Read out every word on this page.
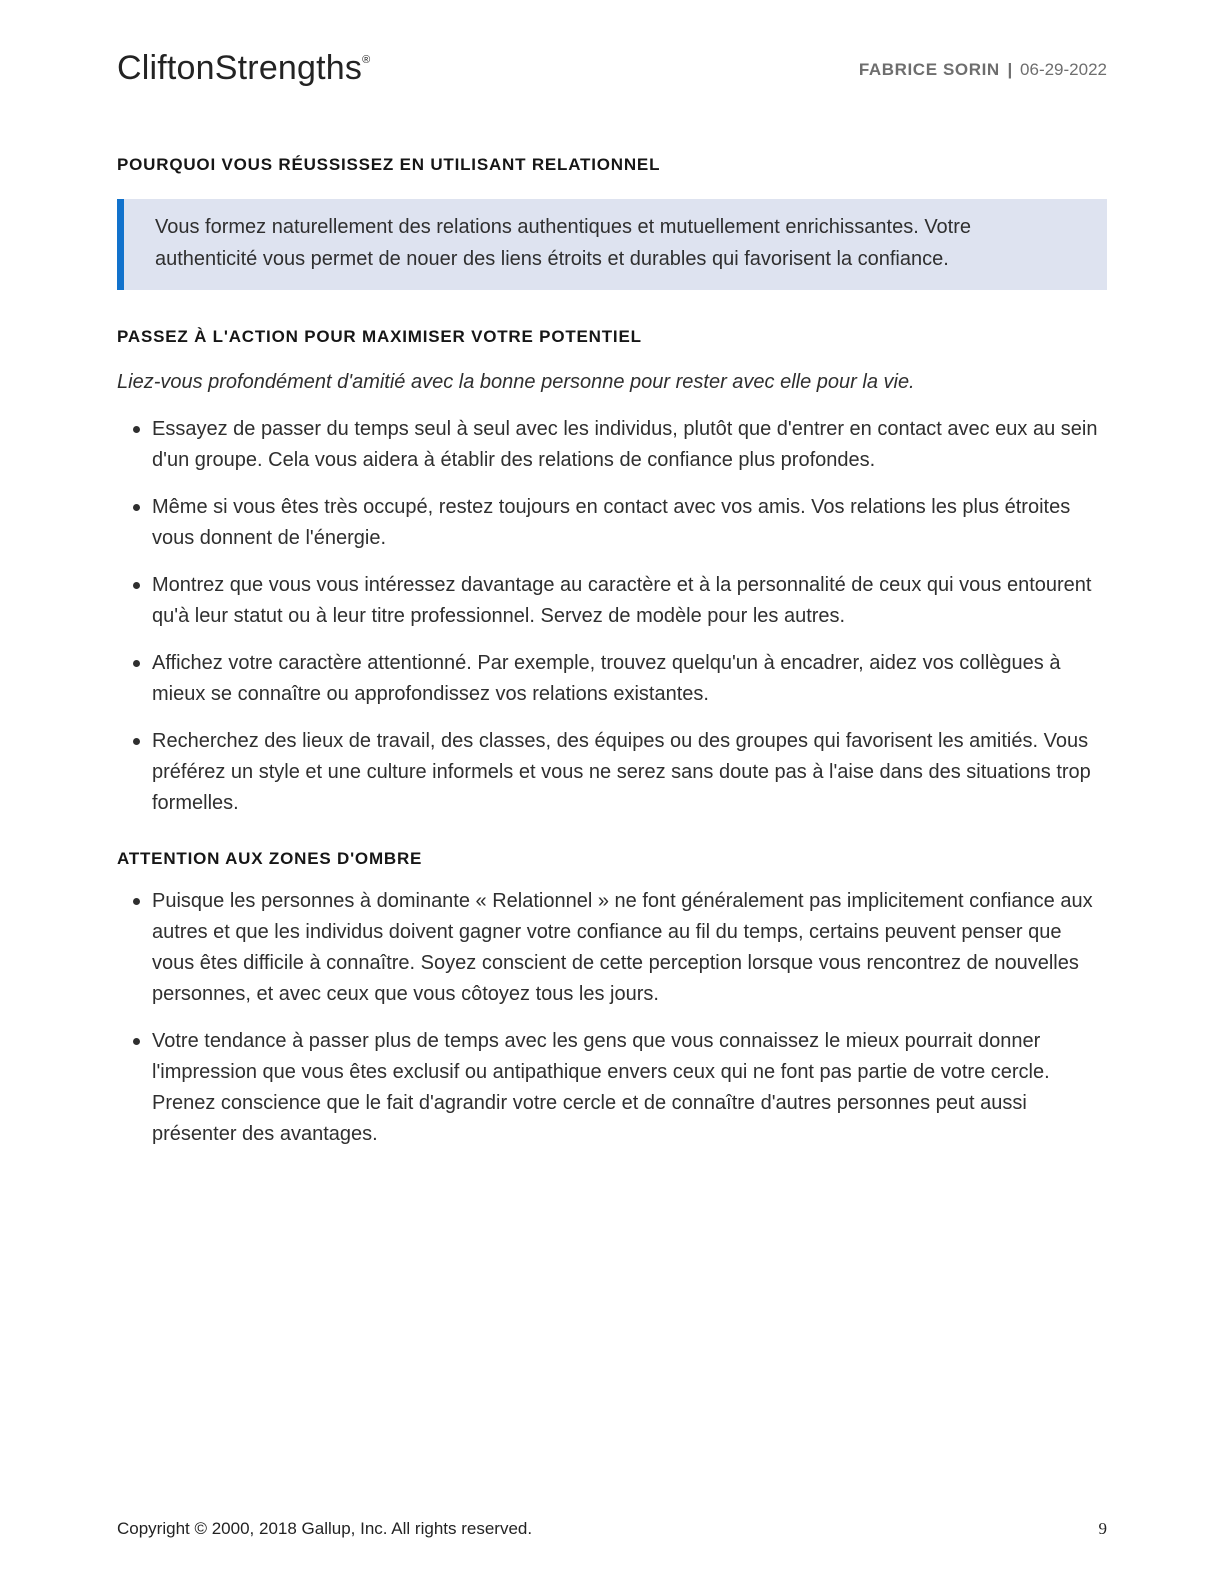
CliftonStrengths®
FABRICE SORIN | 06-29-2022
POURQUOI VOUS RÉUSSISSEZ EN UTILISANT RELATIONNEL
Vous formez naturellement des relations authentiques et mutuellement enrichissantes. Votre authenticité vous permet de nouer des liens étroits et durables qui favorisent la confiance.
PASSEZ À L'ACTION POUR MAXIMISER VOTRE POTENTIEL
Liez-vous profondément d'amitié avec la bonne personne pour rester avec elle pour la vie.
Essayez de passer du temps seul à seul avec les individus, plutôt que d'entrer en contact avec eux au sein d'un groupe. Cela vous aidera à établir des relations de confiance plus profondes.
Même si vous êtes très occupé, restez toujours en contact avec vos amis. Vos relations les plus étroites vous donnent de l'énergie.
Montrez que vous vous intéressez davantage au caractère et à la personnalité de ceux qui vous entourent qu'à leur statut ou à leur titre professionnel. Servez de modèle pour les autres.
Affichez votre caractère attentionné. Par exemple, trouvez quelqu'un à encadrer, aidez vos collègues à mieux se connaître ou approfondissez vos relations existantes.
Recherchez des lieux de travail, des classes, des équipes ou des groupes qui favorisent les amitiés. Vous préférez un style et une culture informels et vous ne serez sans doute pas à l'aise dans des situations trop formelles.
ATTENTION AUX ZONES D'OMBRE
Puisque les personnes à dominante « Relationnel » ne font généralement pas implicitement confiance aux autres et que les individus doivent gagner votre confiance au fil du temps, certains peuvent penser que vous êtes difficile à connaître. Soyez conscient de cette perception lorsque vous rencontrez de nouvelles personnes, et avec ceux que vous côtoyez tous les jours.
Votre tendance à passer plus de temps avec les gens que vous connaissez le mieux pourrait donner l'impression que vous êtes exclusif ou antipathique envers ceux qui ne font pas partie de votre cercle. Prenez conscience que le fait d'agrandir votre cercle et de connaître d'autres personnes peut aussi présenter des avantages.
Copyright © 2000, 2018 Gallup, Inc. All rights reserved.	9
